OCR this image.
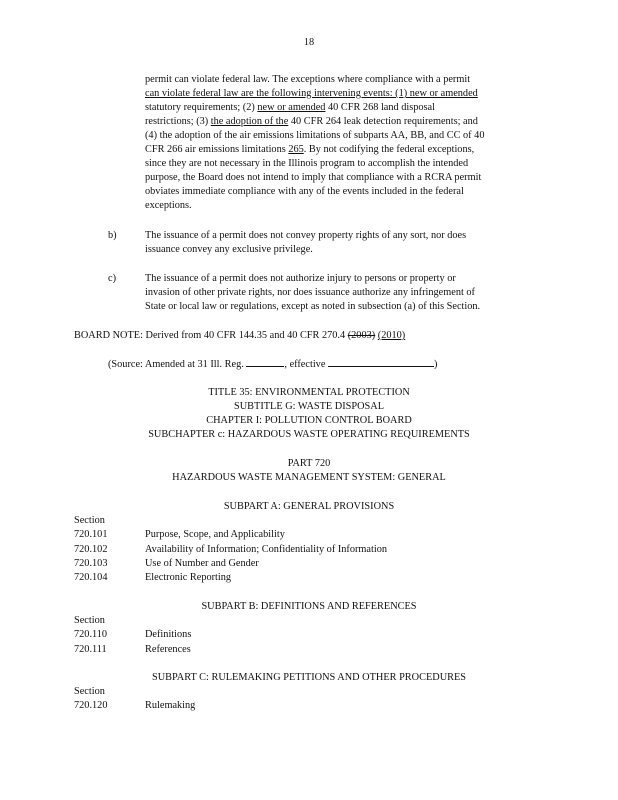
18
permit can violate federal law. The exceptions where compliance with a permit
can violate federal law are the following intervening events: (1) new or amended
statutory requirements; (2) new or amended 40 CFR 268 land disposal
restrictions; (3) the adoption of the 40 CFR 264 leak detection requirements; and
(4) the adoption of the air emissions limitations of subparts AA, BB, and CC of 40
CFR 266 air emissions limitations 265. By not codifying the federal exceptions,
since they are not necessary in the Illinois program to accomplish the intended
purpose, the Board does not intend to imply that compliance with a RCRA permit
obviates immediate compliance with any of the events included in the federal
exceptions.
b)	The issuance of a permit does not convey property rights of any sort, nor does
issuance convey any exclusive privilege.
c)	The issuance of a permit does not authorize injury to persons or property or
invasion of other private rights, nor does issuance authorize any infringement of
State or local law or regulations, except as noted in subsection (a) of this Section.
BOARD NOTE: Derived from 40 CFR 144.35 and 40 CFR 270.4 (2003) (2010)
(Source: Amended at 31 Ill. Reg.	, effective	)
TITLE 35: ENVIRONMENTAL PROTECTION
SUBTITLE G: WASTE DISPOSAL
CHAPTER I: POLLUTION CONTROL BOARD
SUBCHAPTER c: HAZARDOUS WASTE OPERATING REQUIREMENTS
PART 720
HAZARDOUS WASTE MANAGEMENT SYSTEM: GENERAL
SUBPART A: GENERAL PROVISIONS
Section
720.101	Purpose, Scope, and Applicability
720.102	Availability of Information; Confidentiality of Information
720.103	Use of Number and Gender
720.104	Electronic Reporting
SUBPART B: DEFINITIONS AND REFERENCES
Section
720.110	Definitions
720.111	References
SUBPART C: RULEMAKING PETITIONS AND OTHER PROCEDURES
Section
720.120	Rulemaking
